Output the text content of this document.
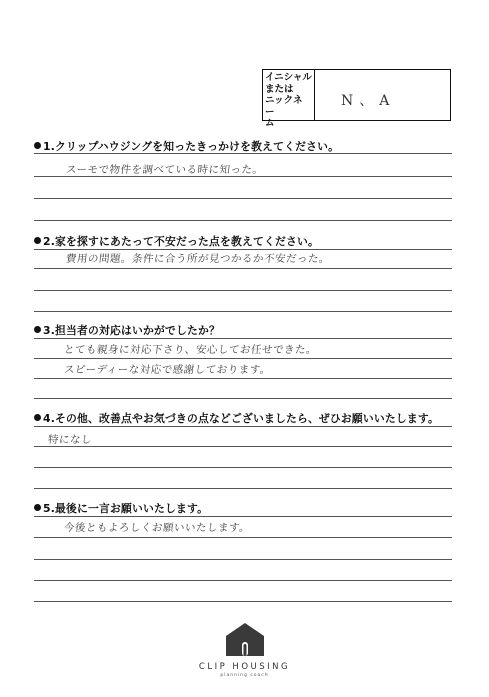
イニシャル
または
ニックネー
ム
N、A
1.クリップハウジングを知ったきっかけを教えてください。
スーモで物件を調べている時に知った。
2.家を探すにあたって不安だった点を教えてください。
費用の問題。条件に合う所が見つかるか不安だった。
3.担当者の対応はいかがでしたか？
とても親身に対応下さり、安心してお任せできた。
スピーディーな対応で感謝しております。
4.その他、改善点やお気づきの点などございましたら、ぜひお願いいたします。
特になし
5.最後に一言お願いいたします。
今後ともよろしくお願いいたします。
CLIP HOUSING
planning coach
